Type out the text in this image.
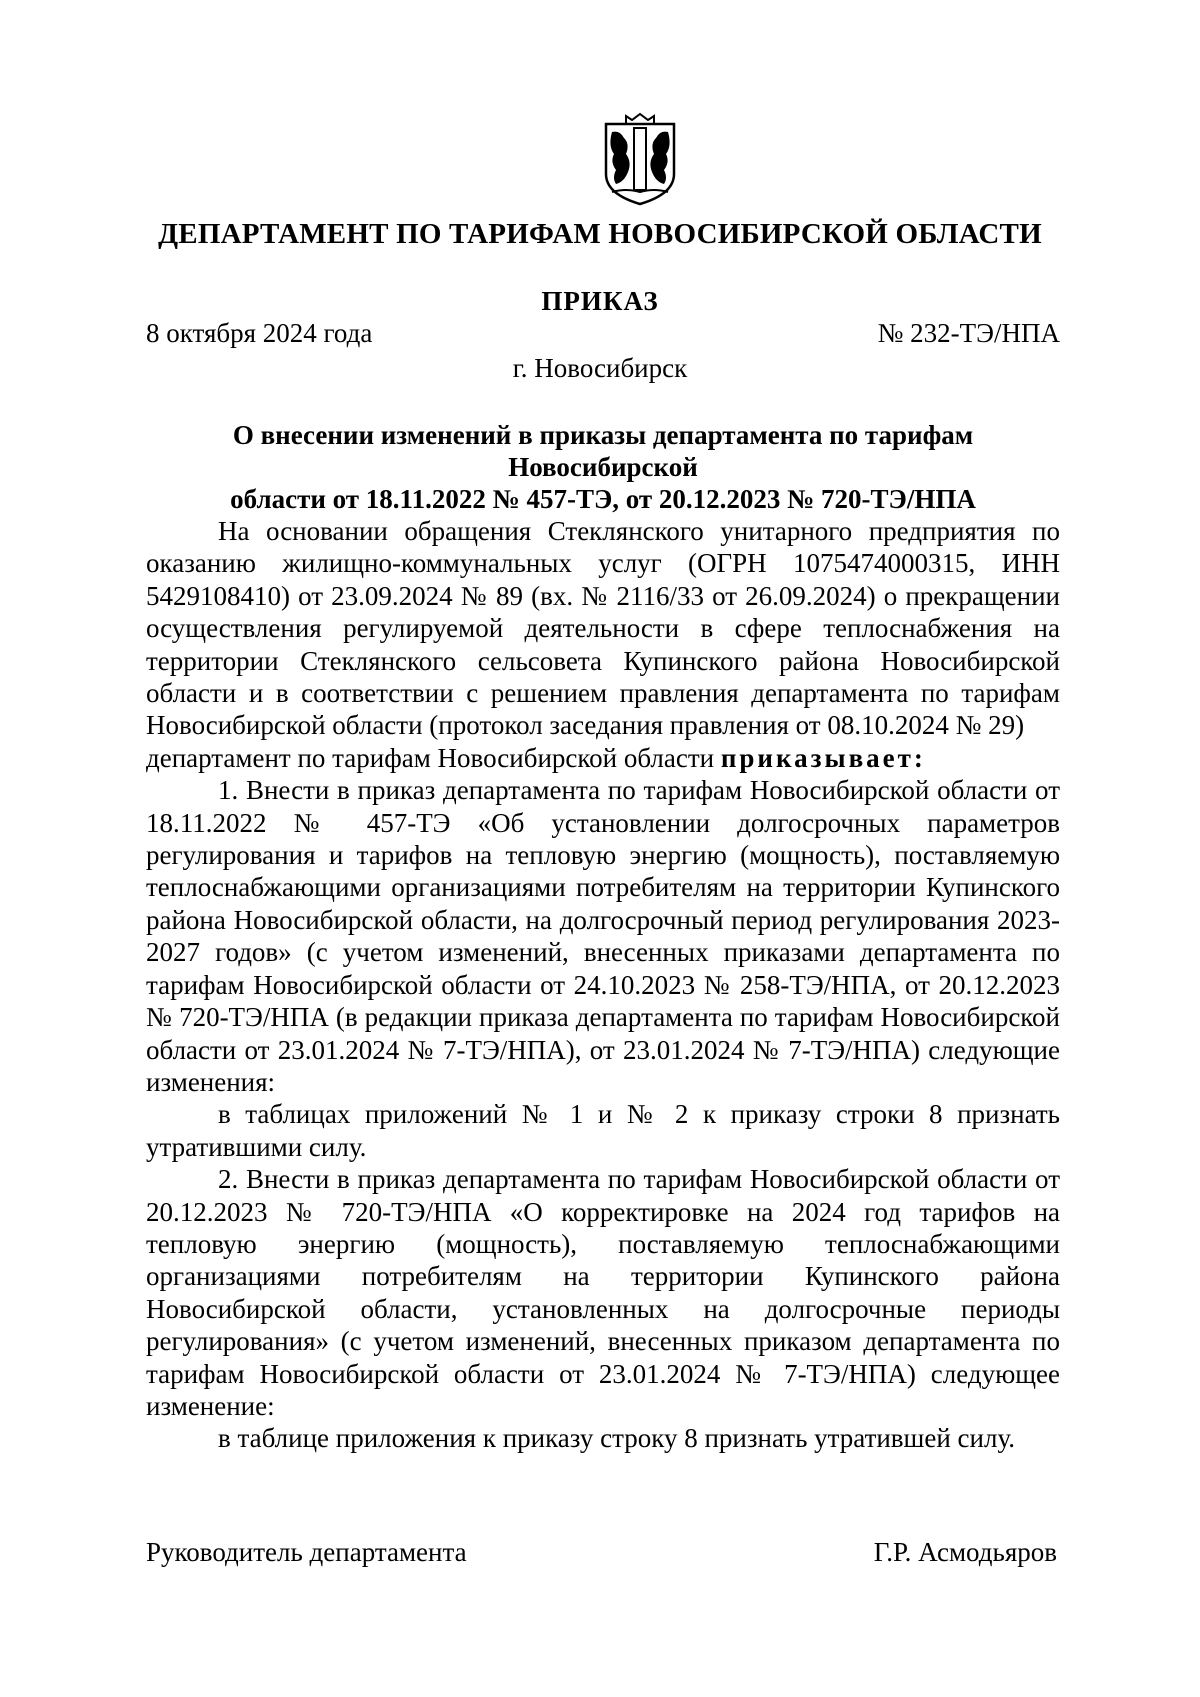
ДЕПАРТАМЕНТ ПО ТАРИФАМ НОВОСИБИРСКОЙ ОБЛАСТИ
ПРИКАЗ
8 октября 2024 года	№ 232-ТЭ/НПА
г. Новосибирск
О внесении изменений в приказы департамента по тарифам Новосибирской
области от 18.11.2022 № 457-ТЭ, от 20.12.2023 № 720-ТЭ/НПА

На основании обращения Стеклянского унитарного предприятия по оказанию жилищно-коммунальных услуг (ОГРН 1075474000315, ИНН 5429108410) от 23.09.2024 № 89 (вх. № 2116/33 от 26.09.2024) о прекращении осуществления регулируемой деятельности в сфере теплоснабжения на территории Стеклянского сельсовета Купинского района Новосибирской области и в соответствии с решением правления департамента по тарифам Новосибирской области (протокол заседания правления от 08.10.2024 № 29)

департамент по тарифам Новосибирской области приказывает:

1. Внести в приказ департамента по тарифам Новосибирской области от 18.11.2022 № 457-ТЭ «Об установлении долгосрочных параметров регулирования и тарифов на тепловую энергию (мощность), поставляемую теплоснабжающими организациями потребителям на территории Купинского района Новосибирской области, на долгосрочный период регулирования 2023-2027 годов» (с учетом изменений, внесенных приказами департамента по тарифам Новосибирской области от 24.10.2023 № 258-ТЭ/НПА, от 20.12.2023 № 720-ТЭ/НПА (в редакции приказа департамента по тарифам Новосибирской области от 23.01.2024 № 7-ТЭ/НПА), от 23.01.2024 № 7-ТЭ/НПА) следующие изменения:

в таблицах приложений № 1 и № 2 к приказу строки 8 признать утратившими силу.

2. Внести в приказ департамента по тарифам Новосибирской области от 20.12.2023 № 720-ТЭ/НПА «О корректировке на 2024 год тарифов на тепловую энергию (мощность), поставляемую теплоснабжающими организациями потребителям на территории Купинского района Новосибирской области, установленных на долгосрочные периоды регулирования» (с учетом изменений, внесенных приказом департамента по тарифам Новосибирской области от 23.01.2024 № 7-ТЭ/НПА) следующее изменение:

в таблице приложения к приказу строку 8 признать утратившей силу.

Руководитель департамента	Г.Р. Асмодьяров
